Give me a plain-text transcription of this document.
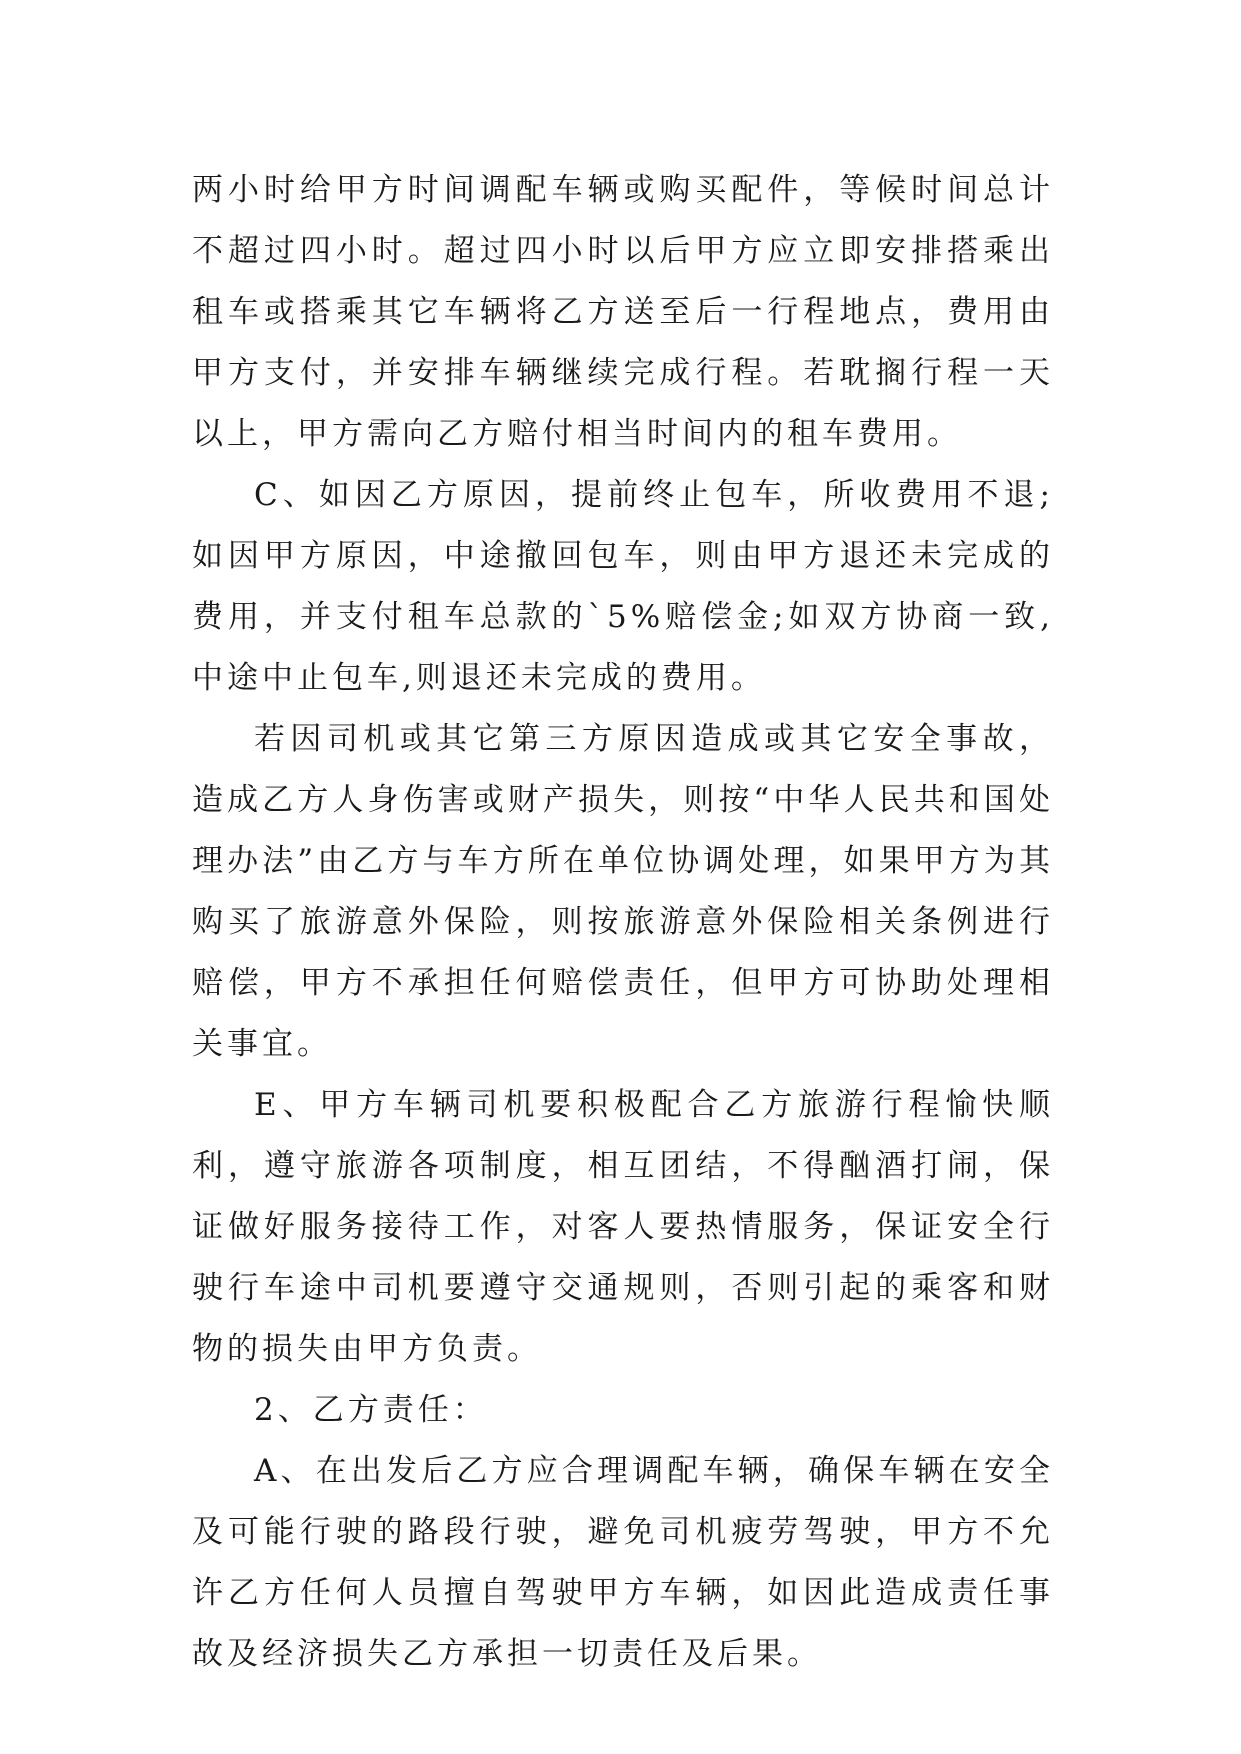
两小时给甲方时间调配车辆或购买配件，等候时间总计不超过四小时。超过四小时以后甲方应立即安排搭乘出租车或搭乘其它车辆将乙方送至后一行程地点，费用由甲方支付，并安排车辆继续完成行程。若耽搁行程一天以上，甲方需向乙方赔付相当时间内的租车费用。

C、如因乙方原因，提前终止包车，所收费用不退;如因甲方原因，中途撤回包车，则由甲方退还未完成的费用，并支付租车总款的`5%赔偿金;如双方协商一致,中途中止包车,则退还未完成的费用。

若因司机或其它第三方原因造成或其它安全事故，造成乙方人身伤害或财产损失，则按“中华人民共和国处理办法”由乙方与车方所在单位协调处理，如果甲方为其购买了旅游意外保险，则按旅游意外保险相关条例进行赔偿，甲方不承担任何赔偿责任，但甲方可协助处理相关事宜。

E、甲方车辆司机要积极配合乙方旅游行程愉快顺利，遵守旅游各项制度，相互团结，不得酗酒打闹，保证做好服务接待工作，对客人要热情服务，保证安全行驶行车途中司机要遵守交通规则，否则引起的乘客和财物的损失由甲方负责。

2、乙方责任：

A、在出发后乙方应合理调配车辆，确保车辆在安全及可能行驶的路段行驶，避免司机疲劳驾驶，甲方不允许乙方任何人员擅自驾驶甲方车辆，如因此造成责任事故及经济损失乙方承担一切责任及后果。
